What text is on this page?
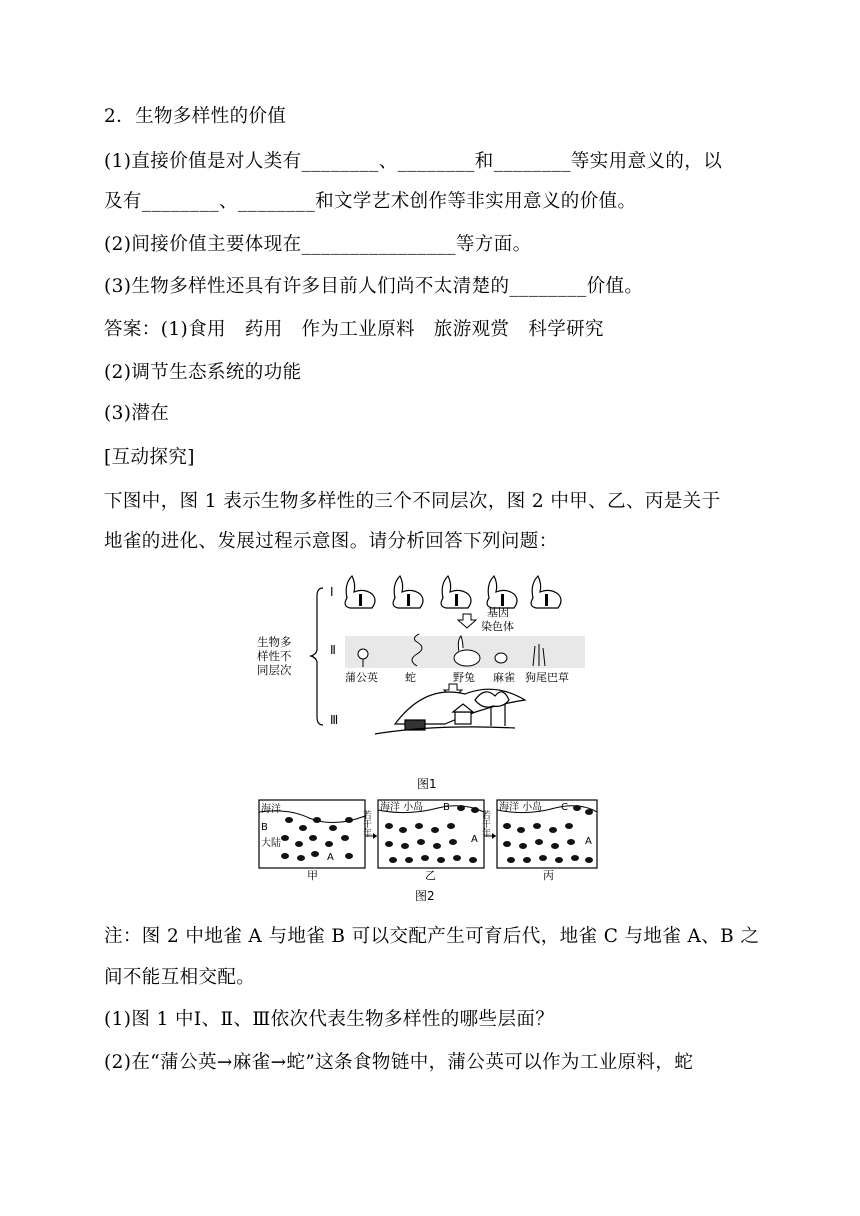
2．生物多样性的价值
(1)直接价值是对人类有________、________和________等实用意义的，以
及有________、________和文学艺术创作等非实用意义的价值。
(2)间接价值主要体现在________________等方面。
(3)生物多样性还具有许多目前人们尚不太清楚的________价值。
答案：(1)食用　药用　作为工业原料　旅游观赏　科学研究
(2)调节生态系统的功能
(3)潜在
[互动探究]
下图中，图 1 表示生物多样性的三个不同层次，图 2 中甲、乙、丙是关于
地雀的进化、发展过程示意图。请分析回答下列问题：
生物多
样性不
同层次
Ⅰ
Ⅱ
Ⅲ
基因
染色体
蒲公英 蛇	野兔 麻雀 狗尾巴草
图1
海洋
B
大陆
A
甲
若干年
海洋 小岛 B
A
乙
若干年
海洋 小岛 C
A
丙
图2
注：图 2 中地雀 A 与地雀 B 可以交配产生可育后代，地雀 C 与地雀 A、B 之
间不能互相交配。
(1)图 1 中Ⅰ、Ⅱ、Ⅲ依次代表生物多样性的哪些层面？
(2)在“蒲公英→麻雀→蛇”这条食物链中，蒲公英可以作为工业原料，蛇
